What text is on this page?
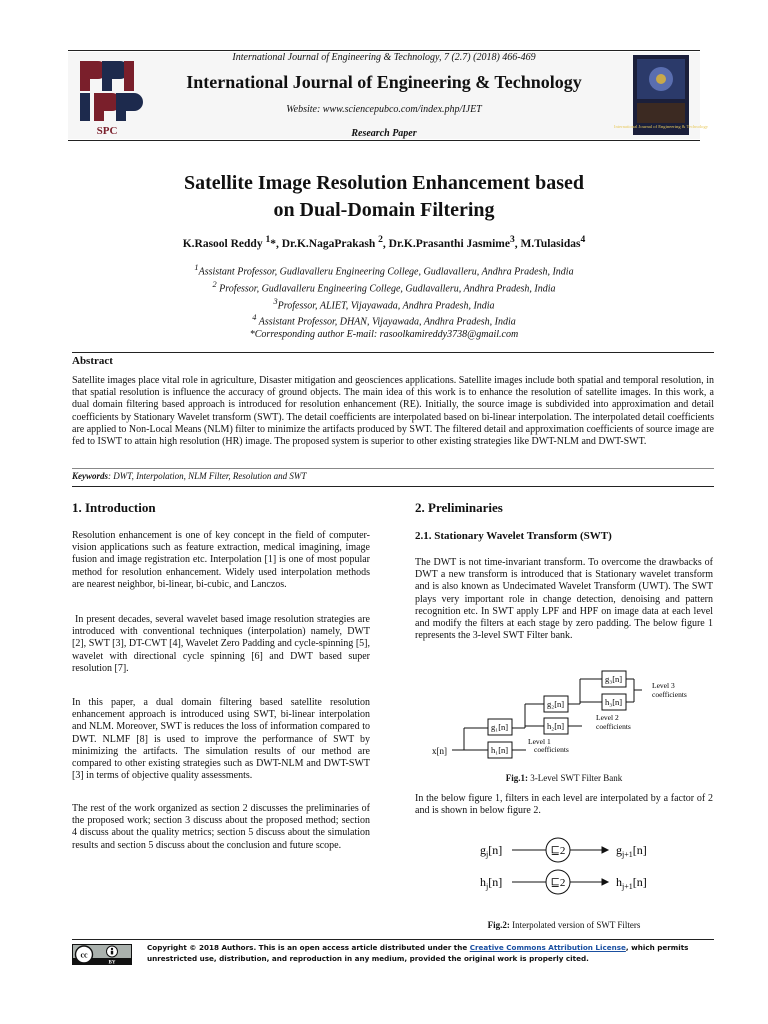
International Journal of Engineering & Technology, 7 (2.7) (2018) 466-469
SPC
International Journal of Engineering & Technology
Website: www.sciencepubco.com/index.php/IJET
Research Paper
International Journal of Engineering & Technology
Satellite Image Resolution Enhancement based
on Dual-Domain Filtering
K.Rasool Reddy $^1$*, Dr.K.NagaPrakash $^2$, Dr.K.Prasanthi Jasmime$^3$, M.Tulasidas$^4$
$^1$Assistant Professor, Gudlavalleru Engineering College, Gudlavalleru, Andhra Pradesh, India
$^2$ Professor, Gudlavalleru Engineering College, Gudlavalleru, Andhra Pradesh, India
$^3$Professor, ALIET, Vijayawada, Andhra Pradesh, India
$^4$ Assistant Professor, DHAN, Vijayawada, Andhra Pradesh, India
*Corresponding author E-mail: rasoolkamireddy3738@gmail.com
Abstract
Satellite images place vital role in agriculture, Disaster mitigation and geosciences applications. Satellite images include both spatial and temporal resolution, in that spatial resolution is influence the accuracy of ground objects. The main idea of this work is to enhance the resolution of satellite images. In this work, a dual domain filtering based approach is introduced for resolution enhancement (RE). Initially, the source image is subdivided into approximation and detail coefficients by Stationary Wavelet transform (SWT). The detail coefficients are interpolated based on bi-linear interpolation. The interpolated detail coefficients are applied to Non-Local Means (NLM) filter to minimize the artifacts produced by SWT. The filtered detail and approximation coefficients of source image are fed to ISWT to attain high resolution (HR) image. The proposed system is superior to other existing strategies like DWT-NLM and DWT-SWT.
Keywords: DWT, Interpolation, NLM Filter, Resolution and SWT
1. Introduction
Resolution enhancement is one of key concept in the field of computer-vision applications such as feature extraction, medical imagining, image fusion and image registration etc. Interpolation [1] is one of most popular method for resolution enhancement. Widely used interpolation methods are nearest neighbor, bi-linear, bi-cubic, and Lanczos.
In present decades, several wavelet based image resolution strategies are introduced with conventional techniques (interpolation) namely, DWT [2], SWT [3], DT-CWT [4], Wavelet Zero Padding and cycle-spinning [5], wavelet with directional cycle spinning [6] and DWT based super resolution [7].
In this paper, a dual domain filtering based satellite resolution enhancement approach is introduced using SWT, bi-linear interpolation and NLM. Moreover, SWT is reduces the loss of information compared to DWT. NLMF [8] is used to improve the performance of SWT by minimizing the artifacts. The simulation results of our method are compared to other existing strategies such as DWT-NLM and DWT-SWT [3] in terms of objective quality assessments.
The rest of the work organized as section 2 discusses the preliminaries of the proposed work; section 3 discuss about the proposed method; section 4 discuss about the quality metrics; section 5 discuss about the simulation results and section 5 discuss about the conclusion and future scope.
2. Preliminaries
2.1. Stationary Wavelet Transform (SWT)
The DWT is not time-invariant transform. To overcome the drawbacks of DWT a new transform is introduced that is Stationary wavelet transform and is also known as Undecimated Wavelet Transform (UWT). The SWT plays very important role in change detection, denoising and pattern recognition etc. In SWT apply LPF and HPF on image data at each level and modify the filters at each stage by zero padding. The below figure 1 represents the 3-level SWT Filter bank.
x[n]
g₁[n]
h₁[n]
g₂[n]
h₂[n]
g₃[n]
h₃[n]
Level 1
coefficients
Level 2
coefficients
Level 3
coefficients
Fig.1: 3-Level SWT Filter Bank
In the below figure 1, filters in each level are interpolated by a factor of 2 and is shown in below figure 2.
$g_j[n]$
$h_j[n]$
⊑2
⊑2
$g_{j+1}[n]$
$h_{j+1}[n]$
Fig.2: Interpolated version of SWT Filters
cc
BY
Copyright © 2018 Authors. This is an open access article distributed under the Creative Commons Attribution License, which permits unrestricted use, distribution, and reproduction in any medium, provided the original work is properly cited.
